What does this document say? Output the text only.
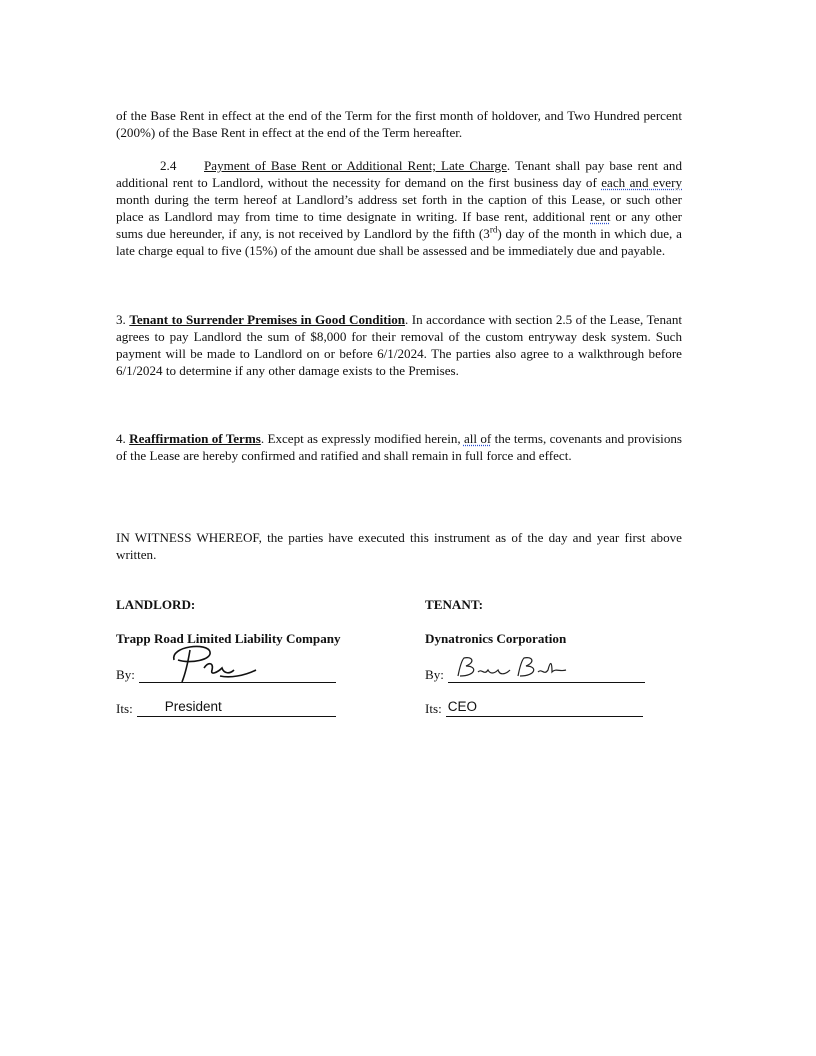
of the Base Rent in effect at the end of the Term for the first month of holdover, and Two Hundred percent (200%) of the Base Rent in effect at the end of the Term hereafter.

2.4 Payment of Base Rent or Additional Rent; Late Charge. Tenant shall pay base rent and additional rent to Landlord, without the necessity for demand on the first business day of each and every month during the term hereof at Landlord’s address set forth in the caption of this Lease, or such other place as Landlord may from time to time designate in writing. If base rent, additional rent or any other sums due hereunder, if any, is not received by Landlord by the fifth (3rd) day of the month in which due, a late charge equal to five (15%) of the amount due shall be assessed and be immediately due and payable.

3. Tenant to Surrender Premises in Good Condition. In accordance with section 2.5 of the Lease, Tenant agrees to pay Landlord the sum of $8,000 for their removal of the custom entryway desk system. Such payment will be made to Landlord on or before 6/1/2024. The parties also agree to a walkthrough before 6/1/2024 to determine if any other damage exists to the Premises.

4. Reaffirmation of Terms. Except as expressly modified herein, all of the terms, covenants and provisions of the Lease are hereby confirmed and ratified and shall remain in full force and effect.

IN WITNESS WHEREOF, the parties have executed this instrument as of the day and year first above written.

LANDLORD:
Trapp Road Limited Liability Company
By:
Its: President
TENANT:
Dynatronics Corporation
By:
Its: CEO
